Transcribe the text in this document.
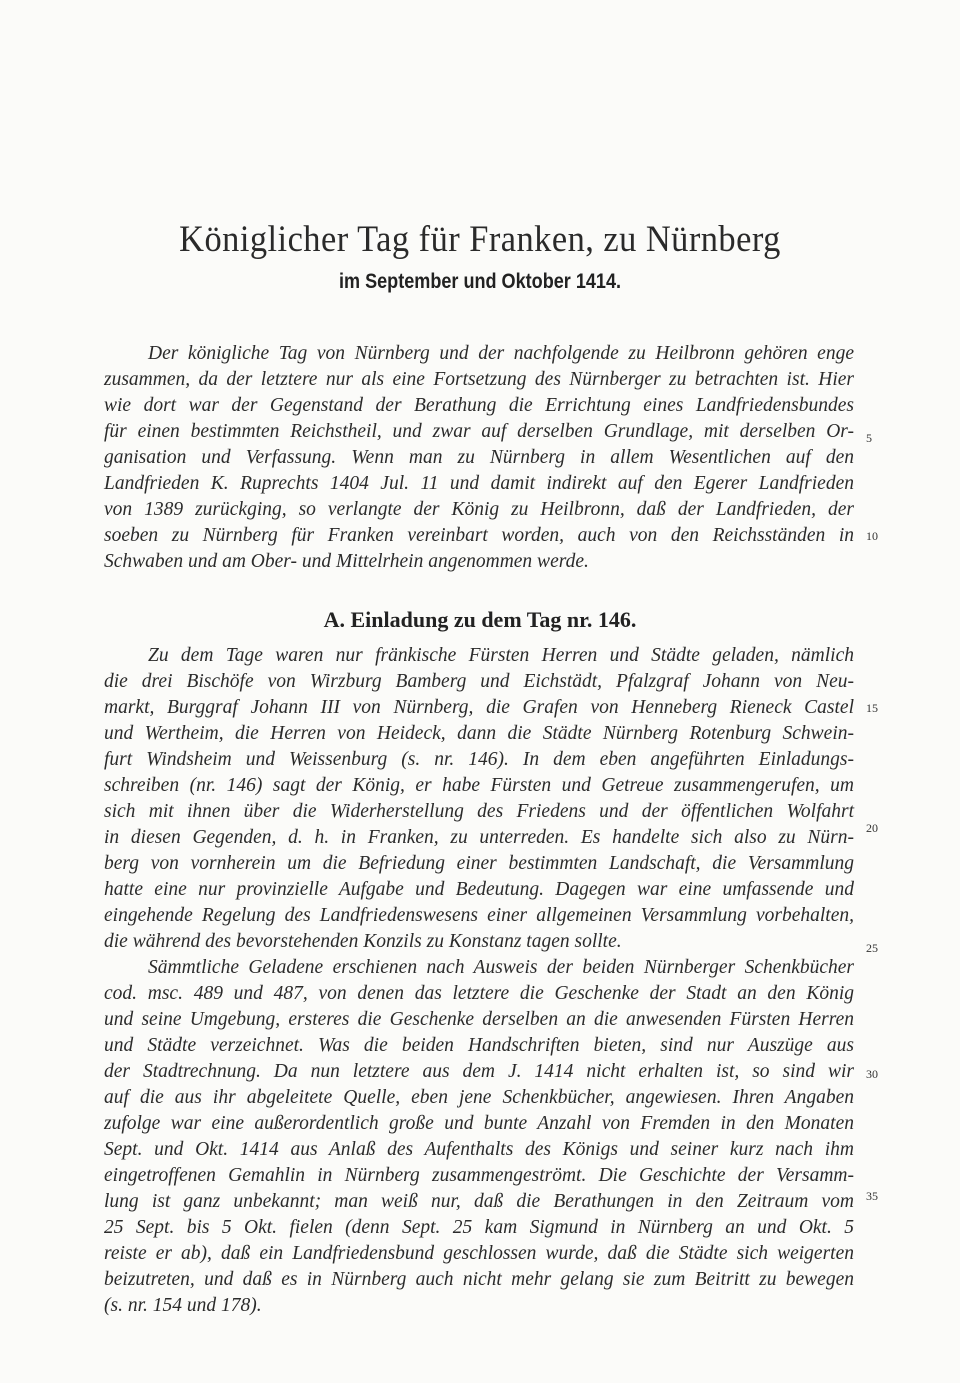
Königlicher Tag für Franken, zu Nürnberg
im September und Oktober 1414.
Der königliche Tag von Nürnberg und der nachfolgende zu Heilbronn gehören enge
zusammen, da der letztere nur als eine Fortsetzung des Nürnberger zu betrachten ist. Hier
wie dort war der Gegenstand der Berathung die Errichtung eines Landfriedensbundes
für einen bestimmten Reichstheil, und zwar auf derselben Grundlage, mit derselben Or-
ganisation und Verfassung. Wenn man zu Nürnberg in allem Wesentlichen auf den
Landfrieden K. Ruprechts 1404 Jul. 11 und damit indirekt auf den Egerer Landfrieden
von 1389 zurückging, so verlangte der König zu Heilbronn, daß der Landfrieden, der
soeben zu Nürnberg für Franken vereinbart worden, auch von den Reichsständen in
Schwaben und am Ober- und Mittelrhein angenommen werde.
A. Einladung zu dem Tag nr. 146.
Zu dem Tage waren nur fränkische Fürsten Herren und Städte geladen, nämlich
die drei Bischöfe von Wirzburg Bamberg und Eichstädt, Pfalzgraf Johann von Neu-
markt, Burggraf Johann III von Nürnberg, die Grafen von Henneberg Rieneck Castel
und Wertheim, die Herren von Heideck, dann die Städte Nürnberg Rotenburg Schwein-
furt Windsheim und Weissenburg (s. nr. 146). In dem eben angeführten Einladungs-
schreiben (nr. 146) sagt der König, er habe Fürsten und Getreue zusammengerufen, um
sich mit ihnen über die Widerherstellung des Friedens und der öffentlichen Wolfahrt
in diesen Gegenden, d. h. in Franken, zu unterreden. Es handelte sich also zu Nürn-
berg von vornherein um die Befriedung einer bestimmten Landschaft, die Versammlung
hatte eine nur provinzielle Aufgabe und Bedeutung. Dagegen war eine umfassende und
eingehende Regelung des Landfriedenswesens einer allgemeinen Versammlung vorbehalten,
die während des bevorstehenden Konzils zu Konstanz tagen sollte.
Sämmtliche Geladene erschienen nach Ausweis der beiden Nürnberger Schenkbücher
cod. msc. 489 und 487, von denen das letztere die Geschenke der Stadt an den König
und seine Umgebung, ersteres die Geschenke derselben an die anwesenden Fürsten Herren
und Städte verzeichnet. Was die beiden Handschriften bieten, sind nur Auszüge aus
der Stadtrechnung. Da nun letztere aus dem J. 1414 nicht erhalten ist, so sind wir
auf die aus ihr abgeleitete Quelle, eben jene Schenkbücher, angewiesen. Ihren Angaben
zufolge war eine außerordentlich große und bunte Anzahl von Fremden in den Monaten
Sept. und Okt. 1414 aus Anlaß des Aufenthalts des Königs und seiner kurz nach ihm
eingetroffenen Gemahlin in Nürnberg zusammengeströmt. Die Geschichte der Versamm-
lung ist ganz unbekannt; man weiß nur, daß die Berathungen in den Zeitraum vom
25 Sept. bis 5 Okt. fielen (denn Sept. 25 kam Sigmund in Nürnberg an und Okt. 5
reiste er ab), daß ein Landfriedensbund geschlossen wurde, daß die Städte sich weigerten
beizutreten, und daß es in Nürnberg auch nicht mehr gelang sie zum Beitritt zu bewegen
(s. nr. 154 und 178).
5
10
15
20
25
30
35
